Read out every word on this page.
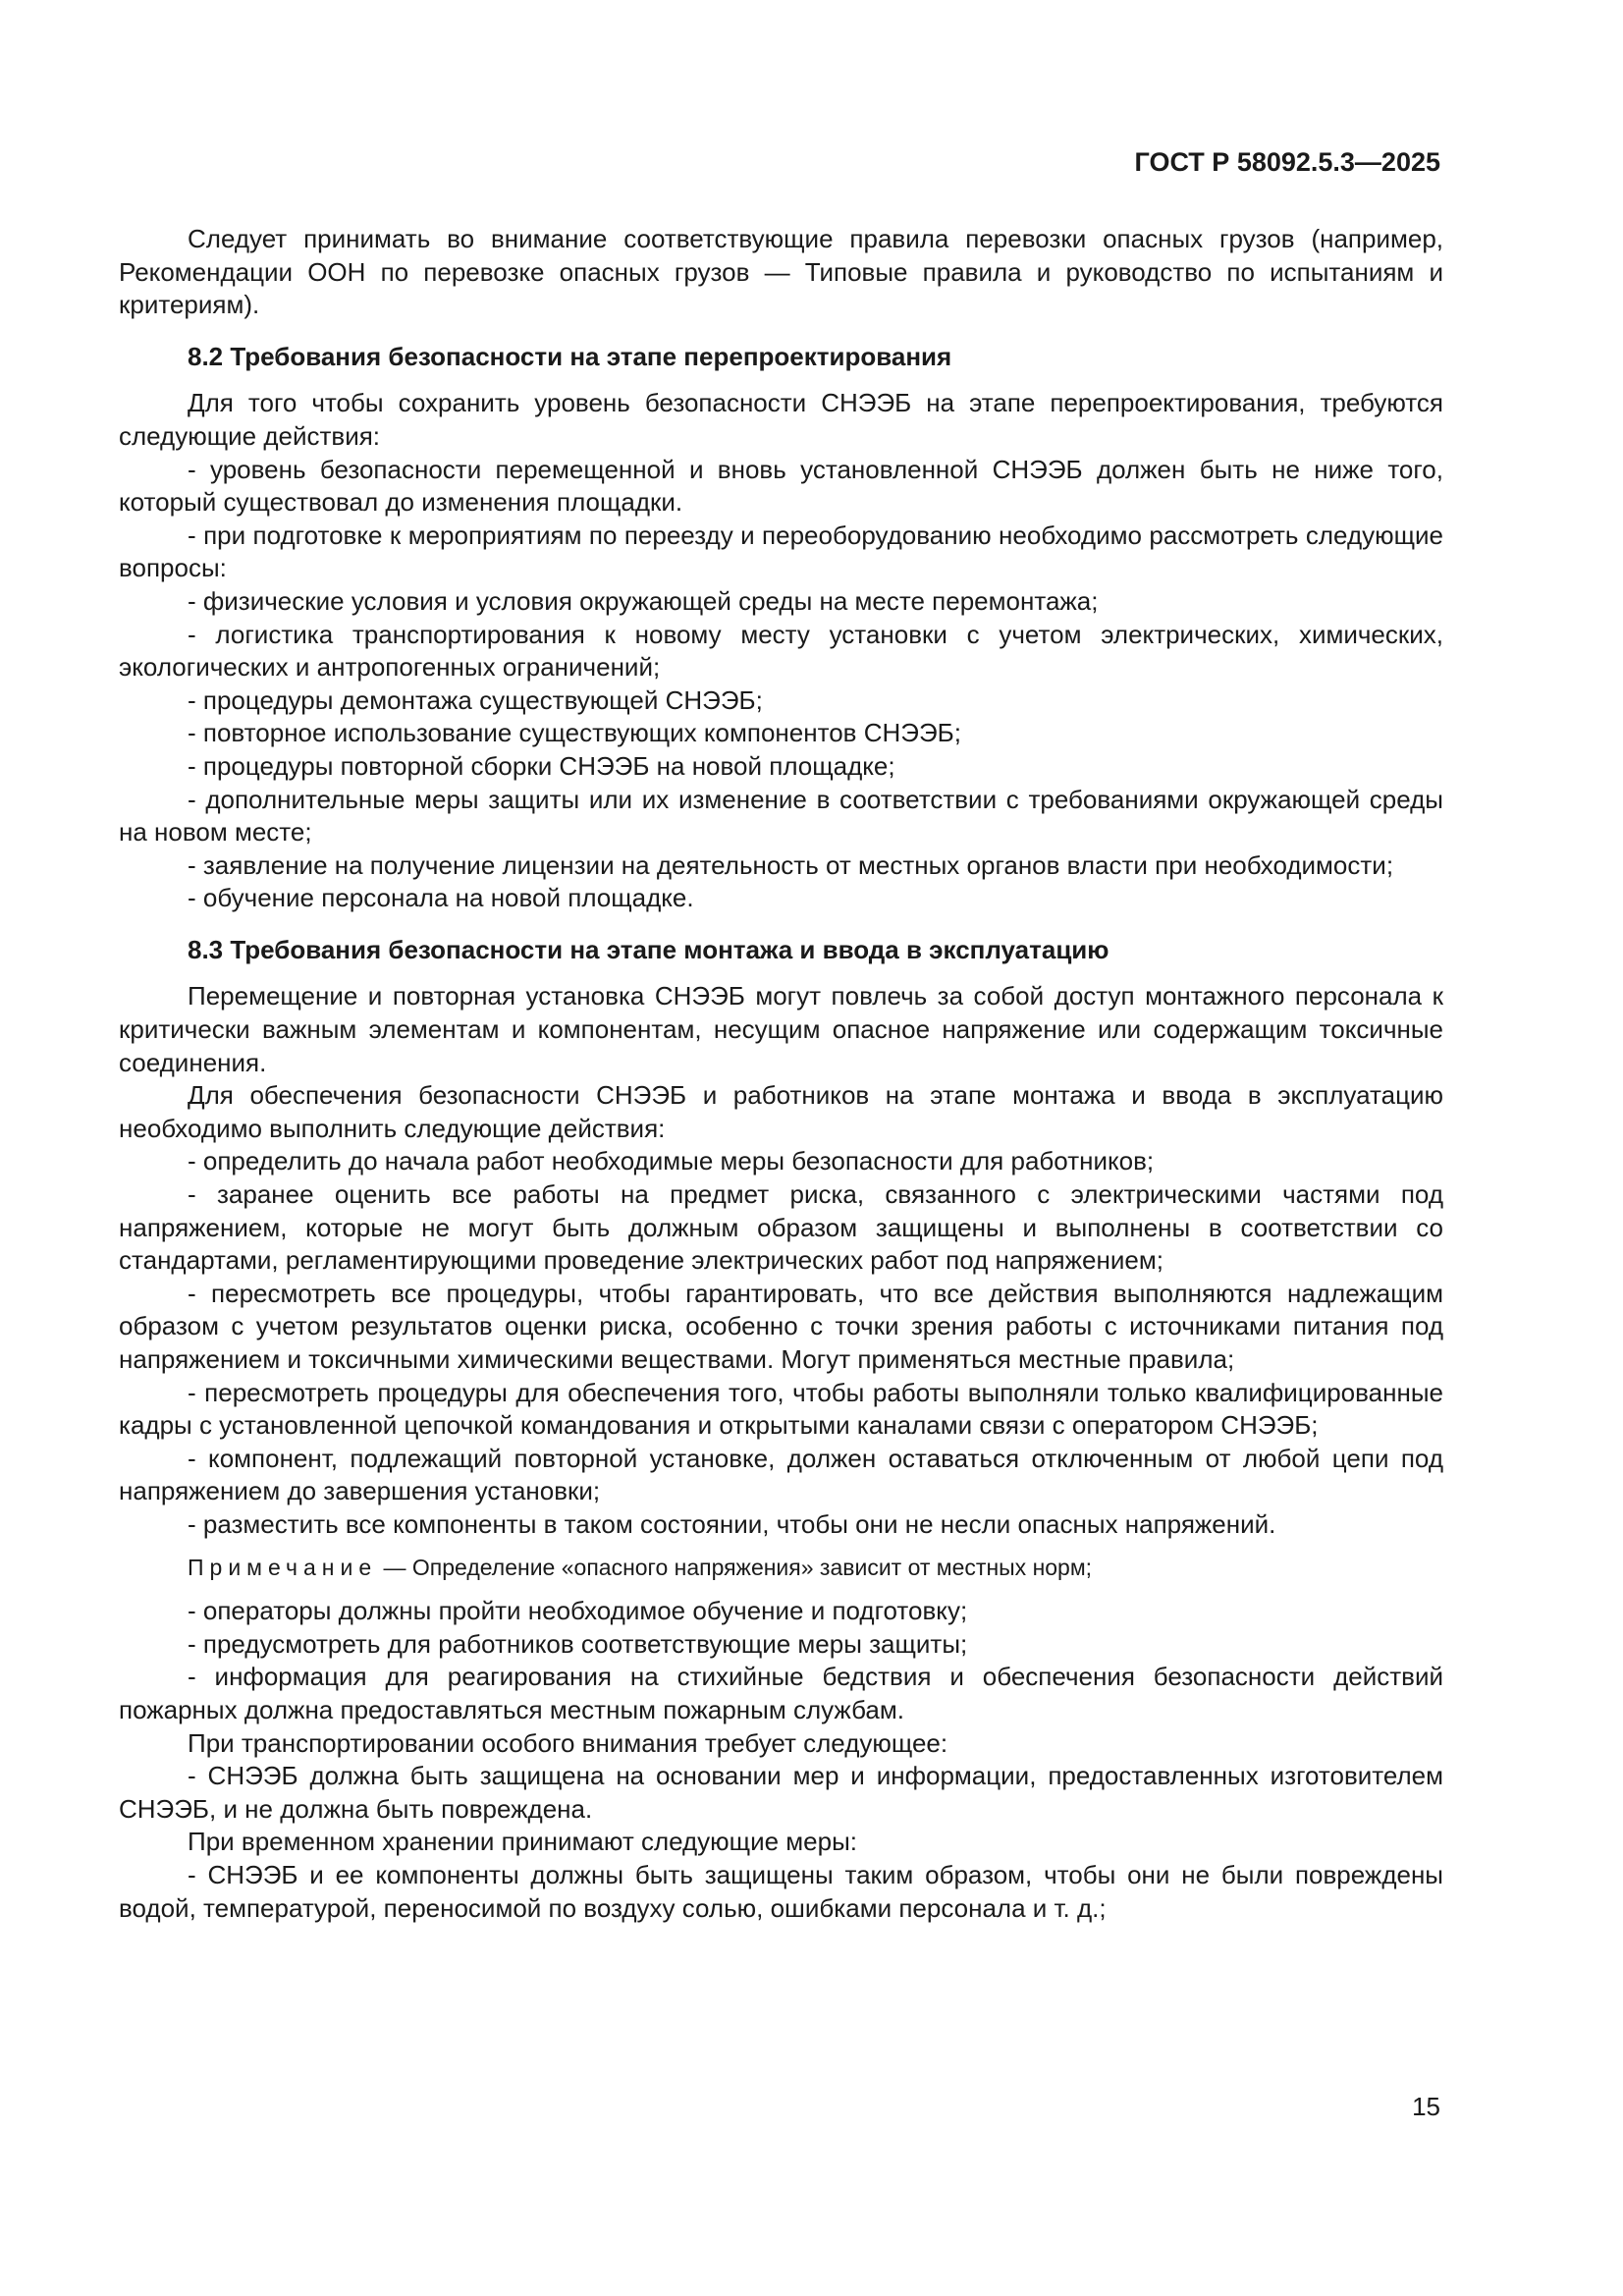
ГОСТ Р 58092.5.3—2025

Следует принимать во внимание соответствующие правила перевозки опасных грузов (например, Рекомендации ООН по перевозке опасных грузов — Типовые правила и руководство по испытаниям и критериям).

8.2 Требования безопасности на этапе перепроектирования

Для того чтобы сохранить уровень безопасности СНЭЭБ на этапе перепроектирования, требуются следующие действия:

- уровень безопасности перемещенной и вновь установленной СНЭЭБ должен быть не ниже того, который существовал до изменения площадки.

- при подготовке к мероприятиям по переезду и переоборудованию необходимо рассмотреть следующие вопросы:

- физические условия и условия окружающей среды на месте перемонтажа;

- логистика транспортирования к новому месту установки с учетом электрических, химических, экологических и антропогенных ограничений;

- процедуры демонтажа существующей СНЭЭБ;

- повторное использование существующих компонентов СНЭЭБ;

- процедуры повторной сборки СНЭЭБ на новой площадке;

- дополнительные меры защиты или их изменение в соответствии с требованиями окружающей среды на новом месте;

- заявление на получение лицензии на деятельность от местных органов власти при необходимости;

- обучение персонала на новой площадке.

8.3 Требования безопасности на этапе монтажа и ввода в эксплуатацию

Перемещение и повторная установка СНЭЭБ могут повлечь за собой доступ монтажного персонала к критически важным элементам и компонентам, несущим опасное напряжение или содержащим токсичные соединения.

Для обеспечения безопасности СНЭЭБ и работников на этапе монтажа и ввода в эксплуатацию необходимо выполнить следующие действия:

- определить до начала работ необходимые меры безопасности для работников;

- заранее оценить все работы на предмет риска, связанного с электрическими частями под напряжением, которые не могут быть должным образом защищены и выполнены в соответствии со стандартами, регламентирующими проведение электрических работ под напряжением;

- пересмотреть все процедуры, чтобы гарантировать, что все действия выполняются надлежащим образом с учетом результатов оценки риска, особенно с точки зрения работы с источниками питания под напряжением и токсичными химическими веществами. Могут применяться местные правила;

- пересмотреть процедуры для обеспечения того, чтобы работы выполняли только квалифицированные кадры с установленной цепочкой командования и открытыми каналами связи с оператором СНЭЭБ;

- компонент, подлежащий повторной установке, должен оставаться отключенным от любой цепи под напряжением до завершения установки;

- разместить все компоненты в таком состоянии, чтобы они не несли опасных напряжений.

Примечание — Определение «опасного напряжения» зависит от местных норм;

- операторы должны пройти необходимое обучение и подготовку;

- предусмотреть для работников соответствующие меры защиты;

- информация для реагирования на стихийные бедствия и обеспечения безопасности действий пожарных должна предоставляться местным пожарным службам.

При транспортировании особого внимания требует следующее:

- СНЭЭБ должна быть защищена на основании мер и информации, предоставленных изготовителем СНЭЭБ, и не должна быть повреждена.

При временном хранении принимают следующие меры:

- СНЭЭБ и ее компоненты должны быть защищены таким образом, чтобы они не были повреждены водой, температурой, переносимой по воздуху солью, ошибками персонала и т. д.;

15
